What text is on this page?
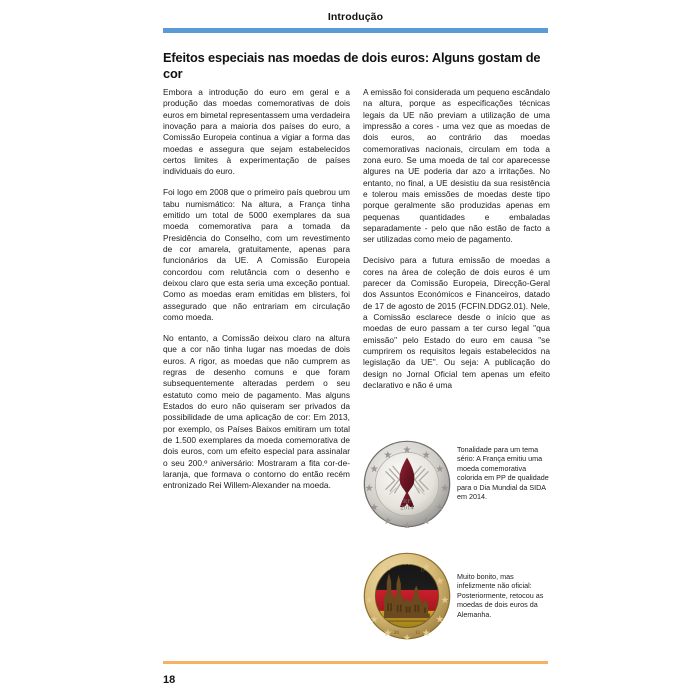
Introdução
Efeitos especiais nas moedas de dois euros: Alguns gostam de cor

Embora a introdução do euro em geral e a produção das moedas comemorativas de dois euros em bimetal representassem uma verdadeira inovação para a maioria dos países do euro, a Comissão Europeia continua a vigiar a forma das moedas e assegura que sejam estabelecidos certos limites à experimentação de países individuais do euro.

Foi logo em 2008 que o primeiro país quebrou um tabu numismático: Na altura, a França tinha emitido um total de 5000 exemplares da sua moeda comemorativa para a tomada da Presidência do Conselho, com um revestimento de cor amarela, gratuitamente, apenas para funcionários da UE. A Comissão Europeia concordou com relutância com o desenho e deixou claro que esta seria uma exceção pontual. Como as moedas eram emitidas em blisters, foi assegurado que não entrariam em circulação como moeda.

No entanto, a Comissão deixou claro na altura que a cor não tinha lugar nas moedas de dois euros. A rigor, as moedas que não cumprem as regras de desenho comuns e que foram subsequentemente alteradas perdem o seu estatuto como meio de pagamento. Mas alguns Estados do euro não quiseram ser privados da possibilidade de uma aplicação de cor: Em 2013, por exemplo, os Países Baixos emitiram um total de 1.500 exemplares da moeda comemorativa de dois euros, com um efeito especial para assinalar o seu 200.º aniversário: Mostraram a fita cor-de-laranja, que formava o contorno do então recém entronizado Rei Willem-Alexander na moeda.

A emissão foi considerada um pequeno escândalo na altura, porque as especificações técnicas legais da UE não previam a utilização de uma impressão a cores - uma vez que as moedas de dois euros, ao contrário das moedas comemorativas nacionais, circulam em toda a zona euro. Se uma moeda de tal cor aparecesse algures na UE poderia dar azo a irritações. No entanto, no final, a UE desistiu da sua resistência e tolerou mais emissões de moedas deste tipo porque geralmente são produzidas apenas em pequenas quantidades e embaladas separadamente - pelo que não estão de facto a ser utilizadas como meio de pagamento.

Decisivo para a futura emissão de moedas a cores na área de coleção de dois euros é um parecer da Comissão Europeia, Direcção-Geral dos Assuntos Económicos e Financeiros, datado de 17 de agosto de 2015 (FCFIN.DDG2.01). Nele, a Comissão esclarece desde o início que as moedas de euro passam a ter curso legal "qua emissão" pelo Estado do euro em causa "se cumprirem os requisitos legais estabelecidos na legislação da UE". Ou seja: A publicação do design no Jornal Oficial tem apenas um efeito declarativo e não é uma

RF
2014
Tonalidade para um tema sério: A França emitiu uma moeda comemorativa colorida em PP de qualidade para o Dia Mundial da SIDA em 2014.
D
20	11
Muito bonito, mas infelizmente não oficial: Posteriormente, retocou as moedas de dois euros da Alemanha.
18
